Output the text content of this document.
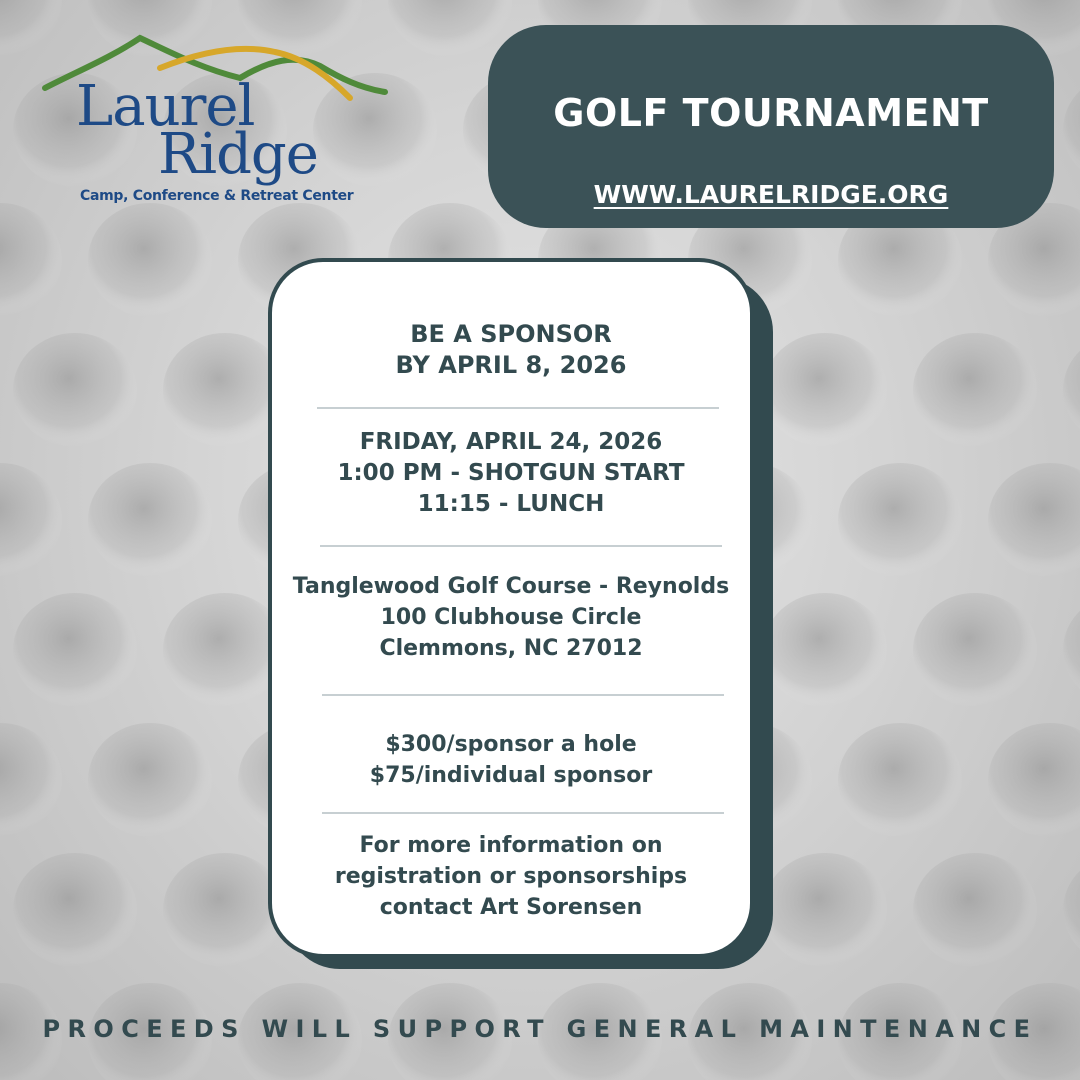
Laurel
Ridge
Camp, Conference & Retreat Center
GOLF TOURNAMENT
WWW.LAURELRIDGE.ORG
BE A SPONSOR
BY APRIL 8, 2026
FRIDAY, APRIL 24, 2026
1:00 PM - SHOTGUN START
11:15 - LUNCH
Tanglewood Golf Course - Reynolds
100 Clubhouse Circle
Clemmons, NC 27012
$300/sponsor a hole
$75/individual sponsor
For more information on
registration or sponsorships
contact Art Sorensen
PROCEEDS WILL SUPPORT GENERAL MAINTENANCE
